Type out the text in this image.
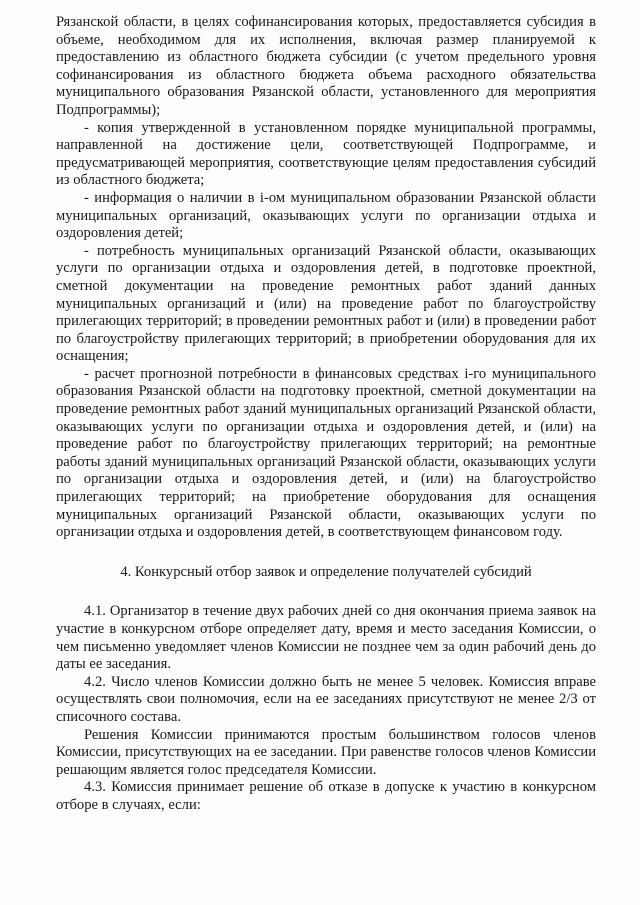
Рязанской области, в целях софинансирования которых, предоставляется субсидия в объеме, необходимом для их исполнения, включая размер планируемой к предоставлению из областного бюджета субсидии (с учетом предельного уровня софинансирования из областного бюджета объема расходного обязательства муниципального образования Рязанской области, установленного для мероприятия Подпрограммы);

- копия утвержденной в установленном порядке муниципальной программы, направленной на достижение цели, соответствующей Подпрограмме, и предусматривающей мероприятия, соответствующие целям предоставления субсидий из областного бюджета;

- информация о наличии в i-ом муниципальном образовании Рязанской области муниципальных организаций, оказывающих услуги по организации отдыха и оздоровления детей;

- потребность муниципальных организаций Рязанской области, оказывающих услуги по организации отдыха и оздоровления детей, в подготовке проектной, сметной документации на проведение ремонтных работ зданий данных муниципальных организаций и (или) на проведение работ по благоустройству прилегающих территорий; в проведении ремонтных работ и (или) в проведении работ по благоустройству прилегающих территорий; в приобретении оборудования для их оснащения;

- расчет прогнозной потребности в финансовых средствах i-го муниципального образования Рязанской области на подготовку проектной, сметной документации на проведение ремонтных работ зданий муниципальных организаций Рязанской области, оказывающих услуги по организации отдыха и оздоровления детей, и (или) на проведение работ по благоустройству прилегающих территорий; на ремонтные работы зданий муниципальных организаций Рязанской области, оказывающих услуги по организации отдыха и оздоровления детей, и (или) на благоустройство прилегающих территорий; на приобретение оборудования для оснащения муниципальных организаций Рязанской области, оказывающих услуги по организации отдыха и оздоровления детей, в соответствующем финансовом году.

4. Конкурсный отбор заявок и определение получателей субсидий

4.1. Организатор в течение двух рабочих дней со дня окончания приема заявок на участие в конкурсном отборе определяет дату, время и место заседания Комиссии, о чем письменно уведомляет членов Комиссии не позднее чем за один рабочий день до даты ее заседания.

4.2. Число членов Комиссии должно быть не менее 5 человек. Комиссия вправе осуществлять свои полномочия, если на ее заседаниях присутствуют не менее 2/3 от списочного состава.

Решения Комиссии принимаются простым большинством голосов членов Комиссии, присутствующих на ее заседании. При равенстве голосов членов Комиссии решающим является голос председателя Комиссии.

4.3. Комиссия принимает решение об отказе в допуске к участию в конкурсном отборе в случаях, если:
